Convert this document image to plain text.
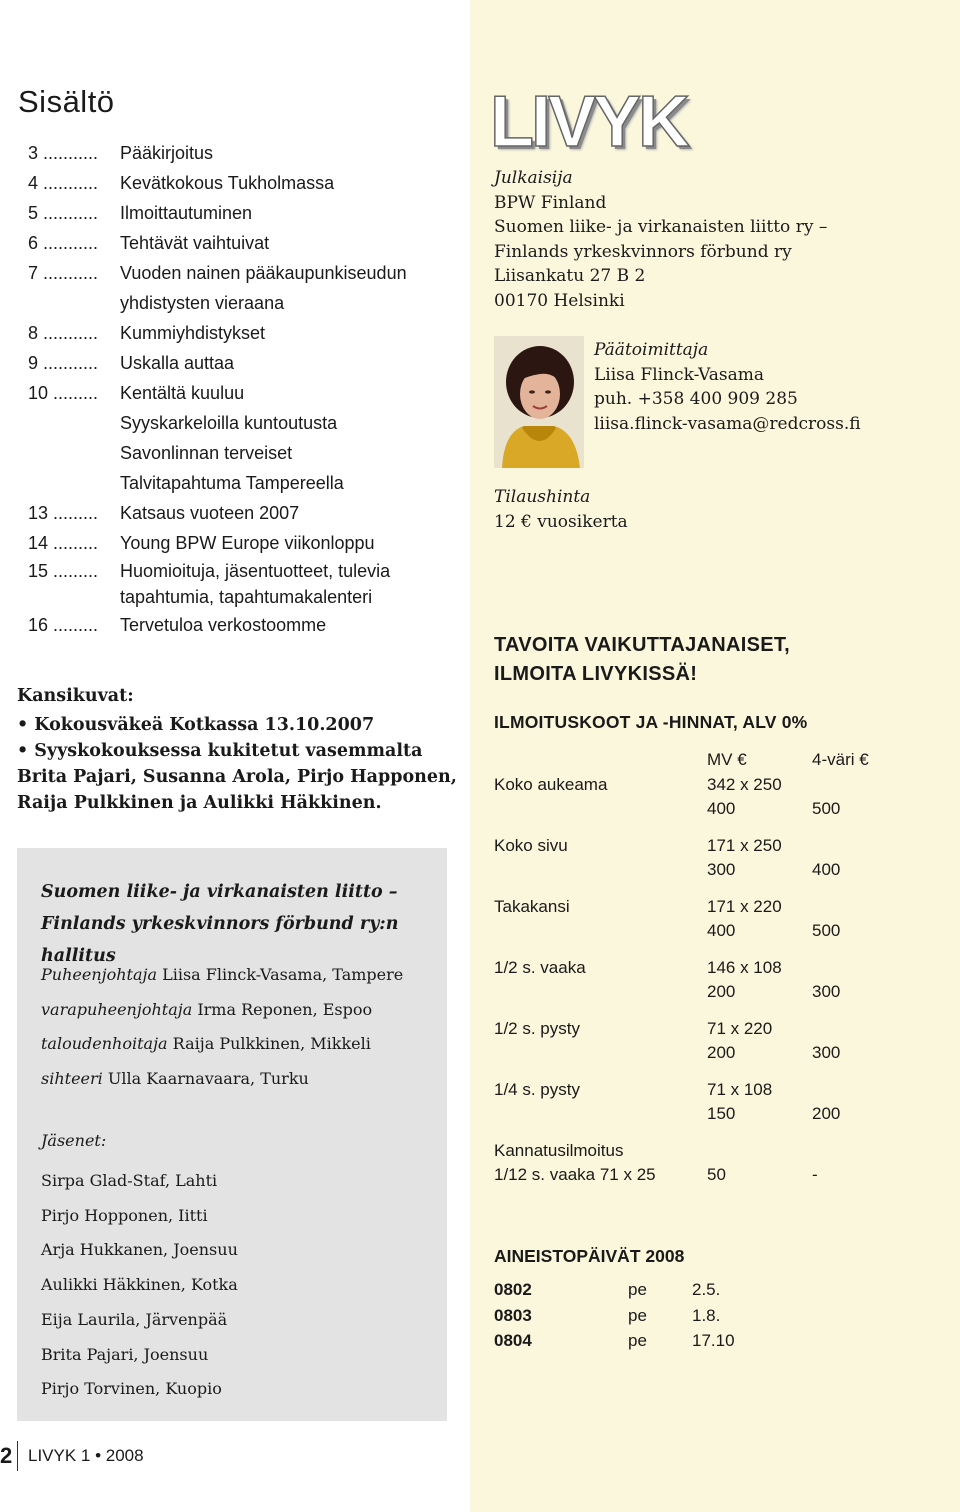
Sisältö
3 ...........	Pääkirjoitus
4 ...........	Kevätkokous Tukholmassa
5 ...........	Ilmoittautuminen
6 ...........	Tehtävät vaihtuivat
7 ...........	Vuoden nainen pääkaupunkiseudun
yhdistysten vieraana
8 ...........	Kummiyhdistykset
9 ...........	Uskalla auttaa
10 .........	Kentältä kuuluu
Syyskarkeloilla kuntoutusta
Savonlinnan terveiset
Talvitapahtuma Tampereella
13 .........	Katsaus vuoteen 2007
14 .........	Young BPW Europe viikonloppu
15 .........	Huomioituja, jäsentuotteet, tulevia
tapahtumia, tapahtumakalenteri
16 .........	Tervetuloa verkostoomme
Kansikuvat:
• Kokousväkeä Kotkassa 13.10.2007
• Syyskokouksessa kukitetut vasemmalta Brita Pajari, Susanna Arola, Pirjo Happonen, Raija Pulkkinen ja Aulikki Häkkinen.
Suomen liike- ja virkanaisten liitto –
Finlands yrkeskvinnors förbund ry:n hallitus
Puheenjohtaja Liisa Flinck-Vasama, Tampere
varapuheenjohtaja Irma Reponen, Espoo
taloudenhoitaja Raija Pulkkinen, Mikkeli
sihteeri Ulla Kaarnavaara, Turku
Jäsenet:
Sirpa Glad-Staf, Lahti
Pirjo Hopponen, Iitti
Arja Hukkanen, Joensuu
Aulikki Häkkinen, Kotka
Eija Laurila, Järvenpää
Brita Pajari, Joensuu
Pirjo Torvinen, Kuopio
2 LIVYK 1 • 2008
LIVYK
Julkaisija
BPW Finland
Suomen liike- ja virkanaisten liitto ry –
Finlands yrkeskvinnors förbund ry
Liisankatu 27 B 2
00170 Helsinki
Päätoimittaja
Liisa Flinck-Vasama
puh. +358 400 909 285
liisa.flinck-vasama@redcross.fi
Tilaushinta
12 € vuosikerta
TAVOITA VAIKUTTAJANAISET,
ILMOITA LIVYKISSÄ!
ILMOITUSKOOT JA -HINNAT, ALV 0%
MV €	4-väri €
Koko aukeama	342 x 250
400	500
Koko sivu	171 x 250
300	400
Takakansi	171 x 220
400	500
1/2 s. vaaka	146 x 108
200	300
1/2 s. pysty	71 x 220
200	300
1/4 s. pysty	71 x 108
150	200
Kannatusilmoitus
1/12 s. vaaka 71 x 25	50	-
AINEISTOPÄIVÄT 2008
0802	pe	2.5.
0803	pe	1.8.
0804	pe	17.10
